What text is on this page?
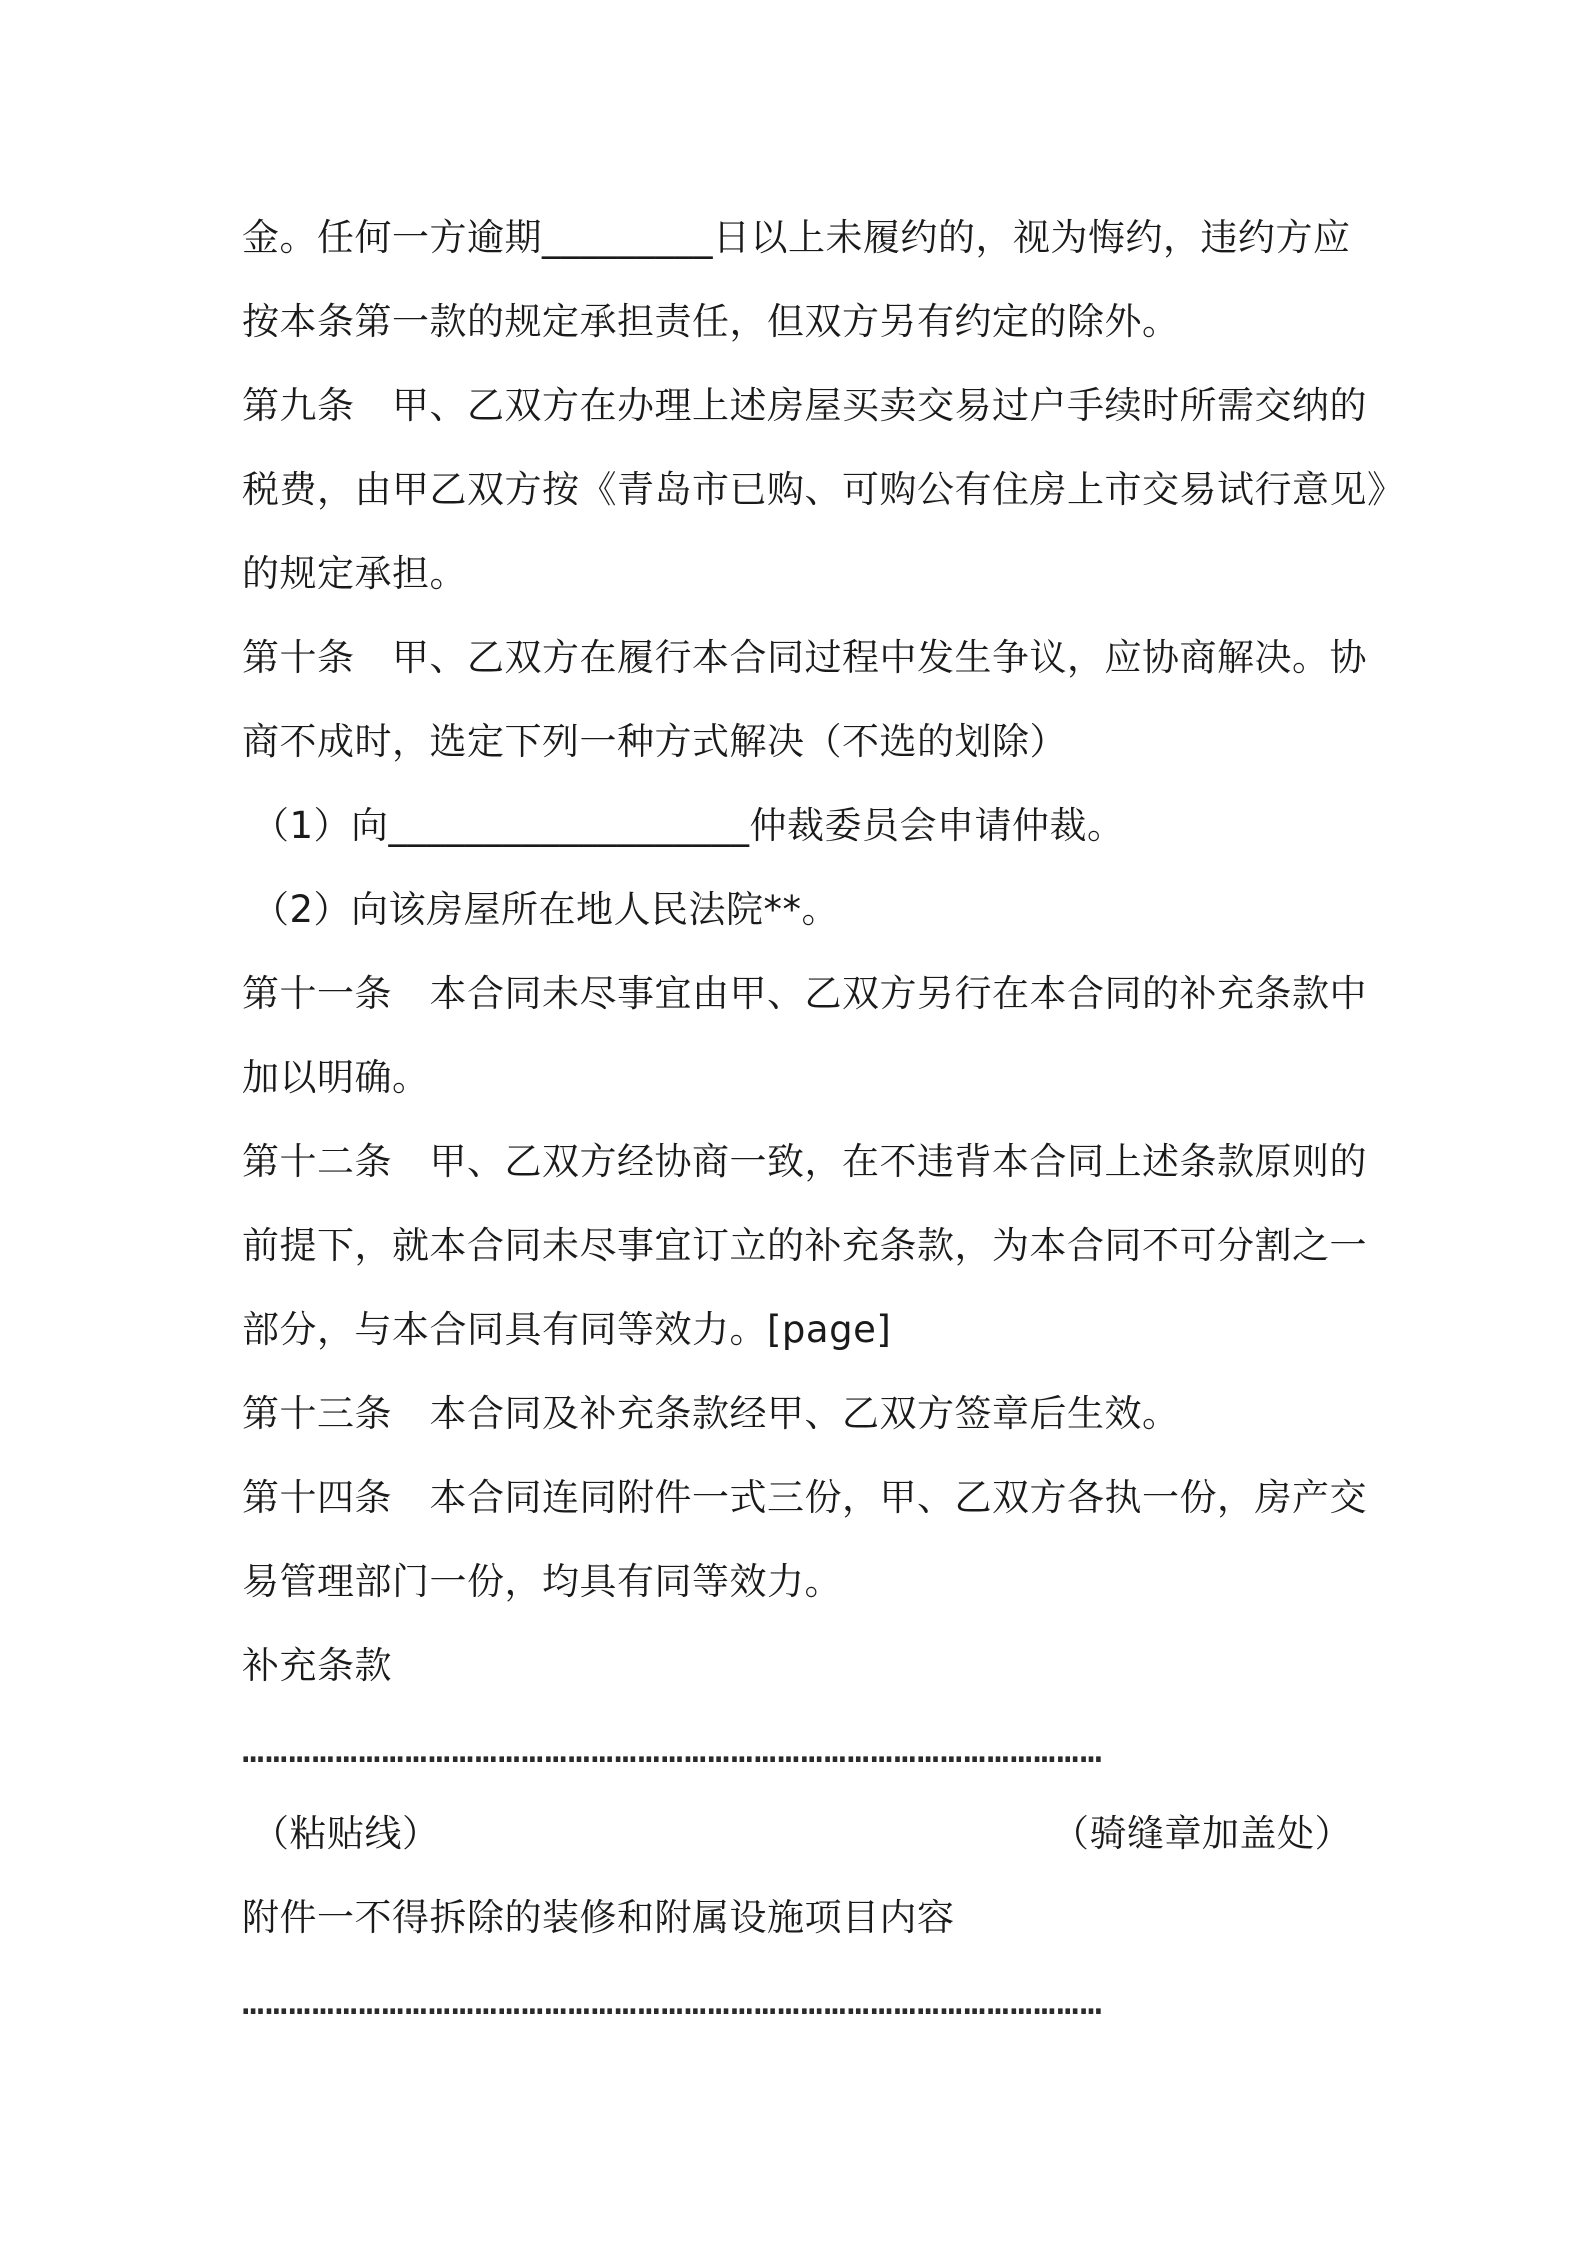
金。任何一方逾期_________日以上未履约的，视为悔约，违约方应
按本条第一款的规定承担责任，但双方另有约定的除外。
第九条　甲、乙双方在办理上述房屋买卖交易过户手续时所需交纳的
税费，由甲乙双方按《青岛市已购、可购公有住房上市交易试行意见》
的规定承担。
第十条　甲、乙双方在履行本合同过程中发生争议，应协商解决。协
商不成时，选定下列一种方式解决（不选的划除）
（1）向___________________仲裁委员会申请仲裁。
（2）向该房屋所在地人民法院**。
第十一条　本合同未尽事宜由甲、乙双方另行在本合同的补充条款中
加以明确。
第十二条　甲、乙双方经协商一致，在不违背本合同上述条款原则的
前提下，就本合同未尽事宜订立的补充条款，为本合同不可分割之一
部分，与本合同具有同等效力。[page]
第十三条　本合同及补充条款经甲、乙双方签章后生效。
第十四条　本合同连同附件一式三份，甲、乙双方各执一份，房产交
易管理部门一份，均具有同等效力。
补充条款
…………………………………………………………………………………………………
（粘贴线）	（骑缝章加盖处）
附件一不得拆除的装修和附属设施项目内容
…………………………………………………………………………………………………
